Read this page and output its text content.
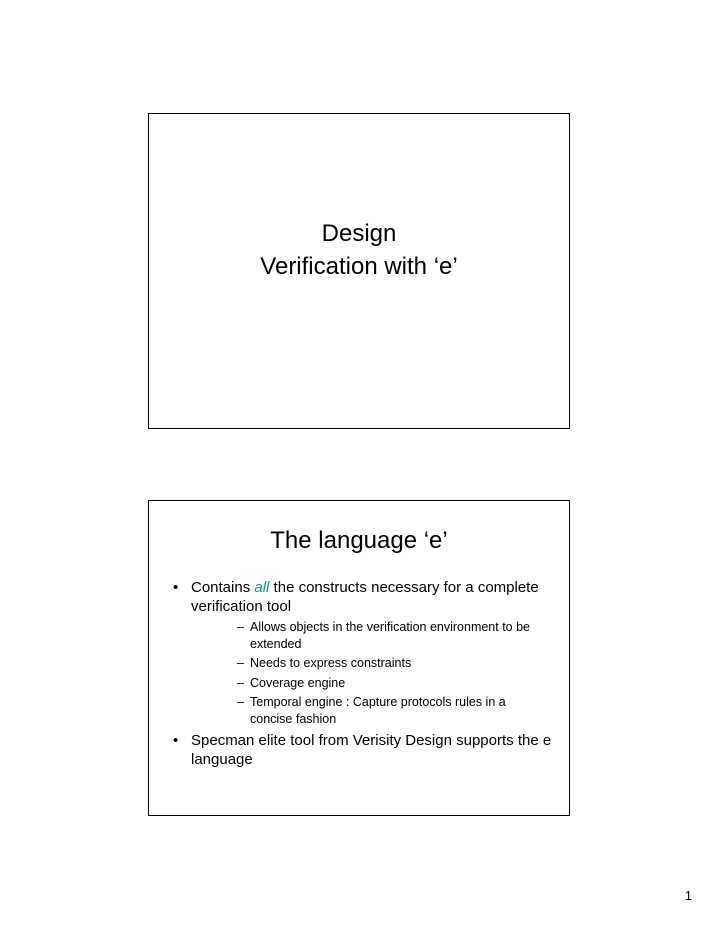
Design
Verification with ‘e’
The language ‘e’
• Contains all the constructs necessary for a complete verification tool
– Allows objects in the verification environment to be extended
– Needs to express constraints
– Coverage engine
– Temporal engine : Capture protocols rules in a concise fashion
• Specman elite tool from Verisity Design supports the e language
1
